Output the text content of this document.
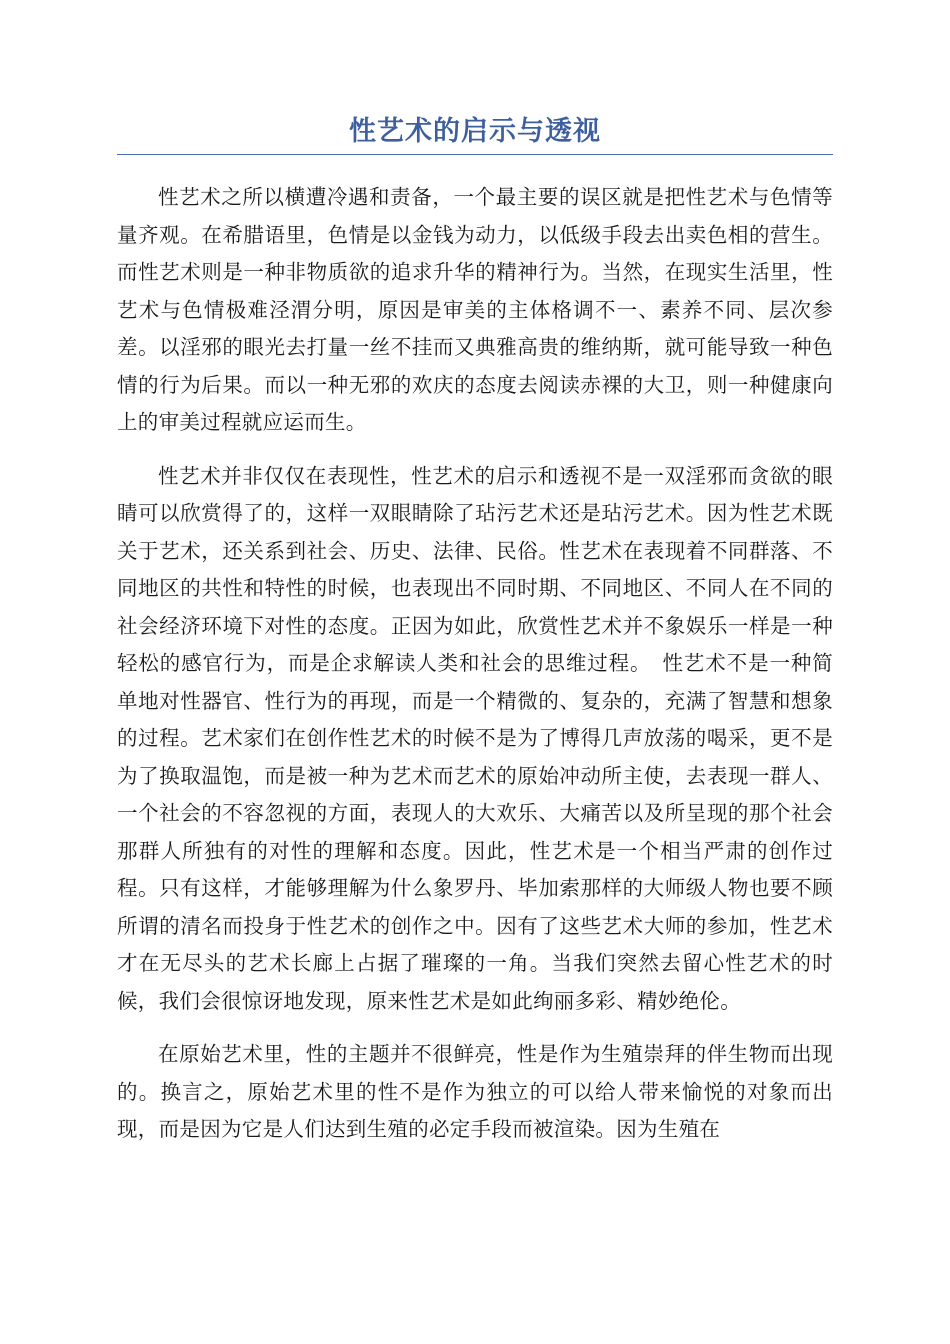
性艺术的启示与透视

性艺术之所以横遭冷遇和责备，一个最主要的误区就是把性艺术与色情等量齐观。在希腊语里，色情是以金钱为动力，以低级手段去出卖色相的营生。而性艺术则是一种非物质欲的追求升华的精神行为。当然，在现实生活里，性艺术与色情极难泾渭分明，原因是审美的主体格调不一、素养不同、层次参差。以淫邪的眼光去打量一丝不挂而又典雅高贵的维纳斯，就可能导致一种色情的行为后果。而以一种无邪的欢庆的态度去阅读赤裸的大卫，则一种健康向上的审美过程就应运而生。

性艺术并非仅仅在表现性，性艺术的启示和透视不是一双淫邪而贪欲的眼睛可以欣赏得了的，这样一双眼睛除了玷污艺术还是玷污艺术。因为性艺术既关于艺术，还关系到社会、历史、法律、民俗。性艺术在表现着不同群落、不同地区的共性和特性的时候，也表现出不同时期、不同地区、不同人在不同的社会经济环境下对性的态度。正因为如此，欣赏性艺术并不象娱乐一样是一种轻松的感官行为，而是企求解读人类和社会的思维过程。　性艺术不是一种简单地对性器官、性行为的再现，而是一个精微的、复杂的，充满了智慧和想象的过程。艺术家们在创作性艺术的时候不是为了博得几声放荡的喝采，更不是为了换取温饱，而是被一种为艺术而艺术的原始冲动所主使，去表现一群人、一个社会的不容忽视的方面，表现人的大欢乐、大痛苦以及所呈现的那个社会那群人所独有的对性的理解和态度。因此，性艺术是一个相当严肃的创作过程。只有这样，才能够理解为什么象罗丹、毕加索那样的大师级人物也要不顾所谓的清名而投身于性艺术的创作之中。因有了这些艺术大师的参加，性艺术才在无尽头的艺术长廊上占据了璀璨的一角。当我们突然去留心性艺术的时候，我们会很惊讶地发现，原来性艺术是如此绚丽多彩、精妙绝伦。

在原始艺术里，性的主题并不很鲜亮，性是作为生殖崇拜的伴生物而出现的。换言之，原始艺术里的性不是作为独立的可以给人带来愉悦的对象而出现，而是因为它是人们达到生殖的必定手段而被渲染。因为生殖在
